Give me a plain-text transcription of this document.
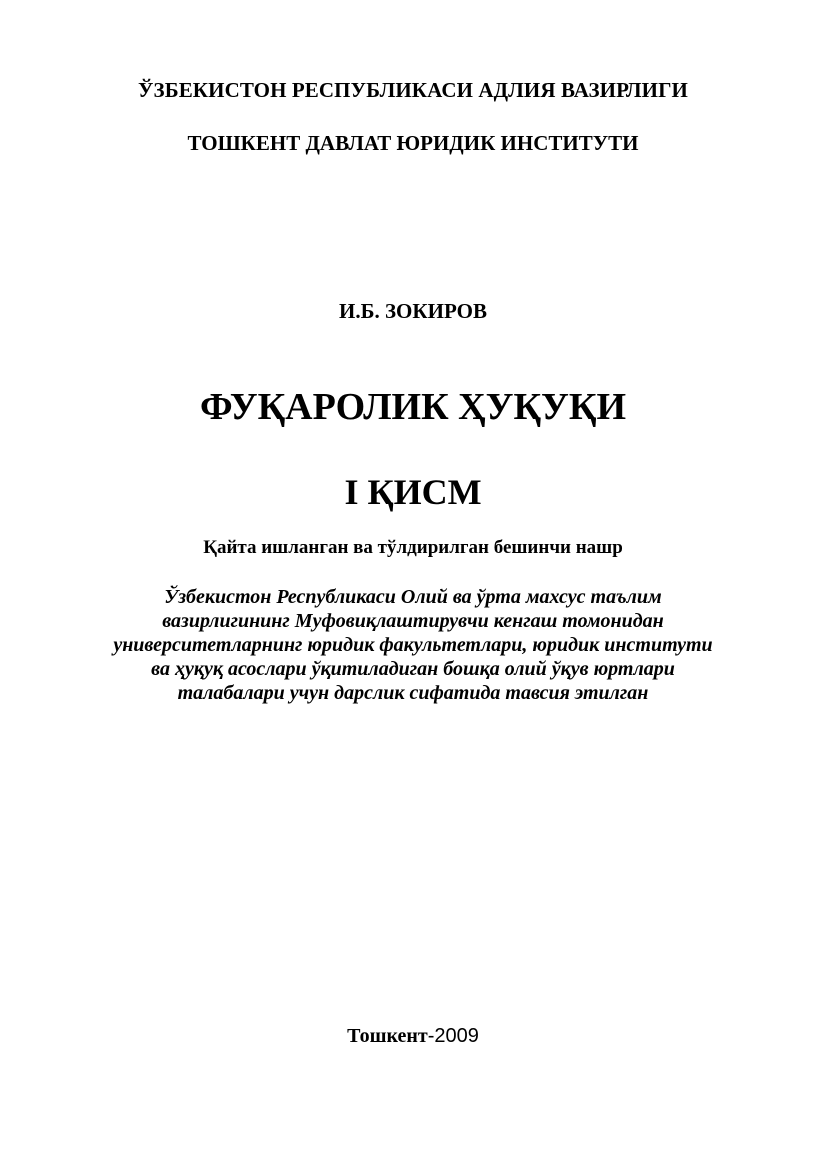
ЎЗБЕКИСТОН РЕСПУБЛИКАСИ АДЛИЯ ВАЗИРЛИГИ
ТОШКЕНТ ДАВЛАТ ЮРИДИК ИНСТИТУТИ
И.Б. ЗОКИРОВ
ФУҚАРОЛИК ҲУҚУҚИ
I ҚИСМ
Қайта ишланган ва тўлдирилган бешинчи нашр
Ўзбекистон Республикаси Олий ва ўрта махсус таълим
вазирлигининг Муфовиқлаштирувчи кенгаш томонидан
университетларнинг юридик факультетлари, юридик институти
ва ҳуқуқ асослари ўқитиладиган бошқа олий ўқув юртлари
талабалари учун дарслик сифатида тавсия этилган
Тошкент-2009
